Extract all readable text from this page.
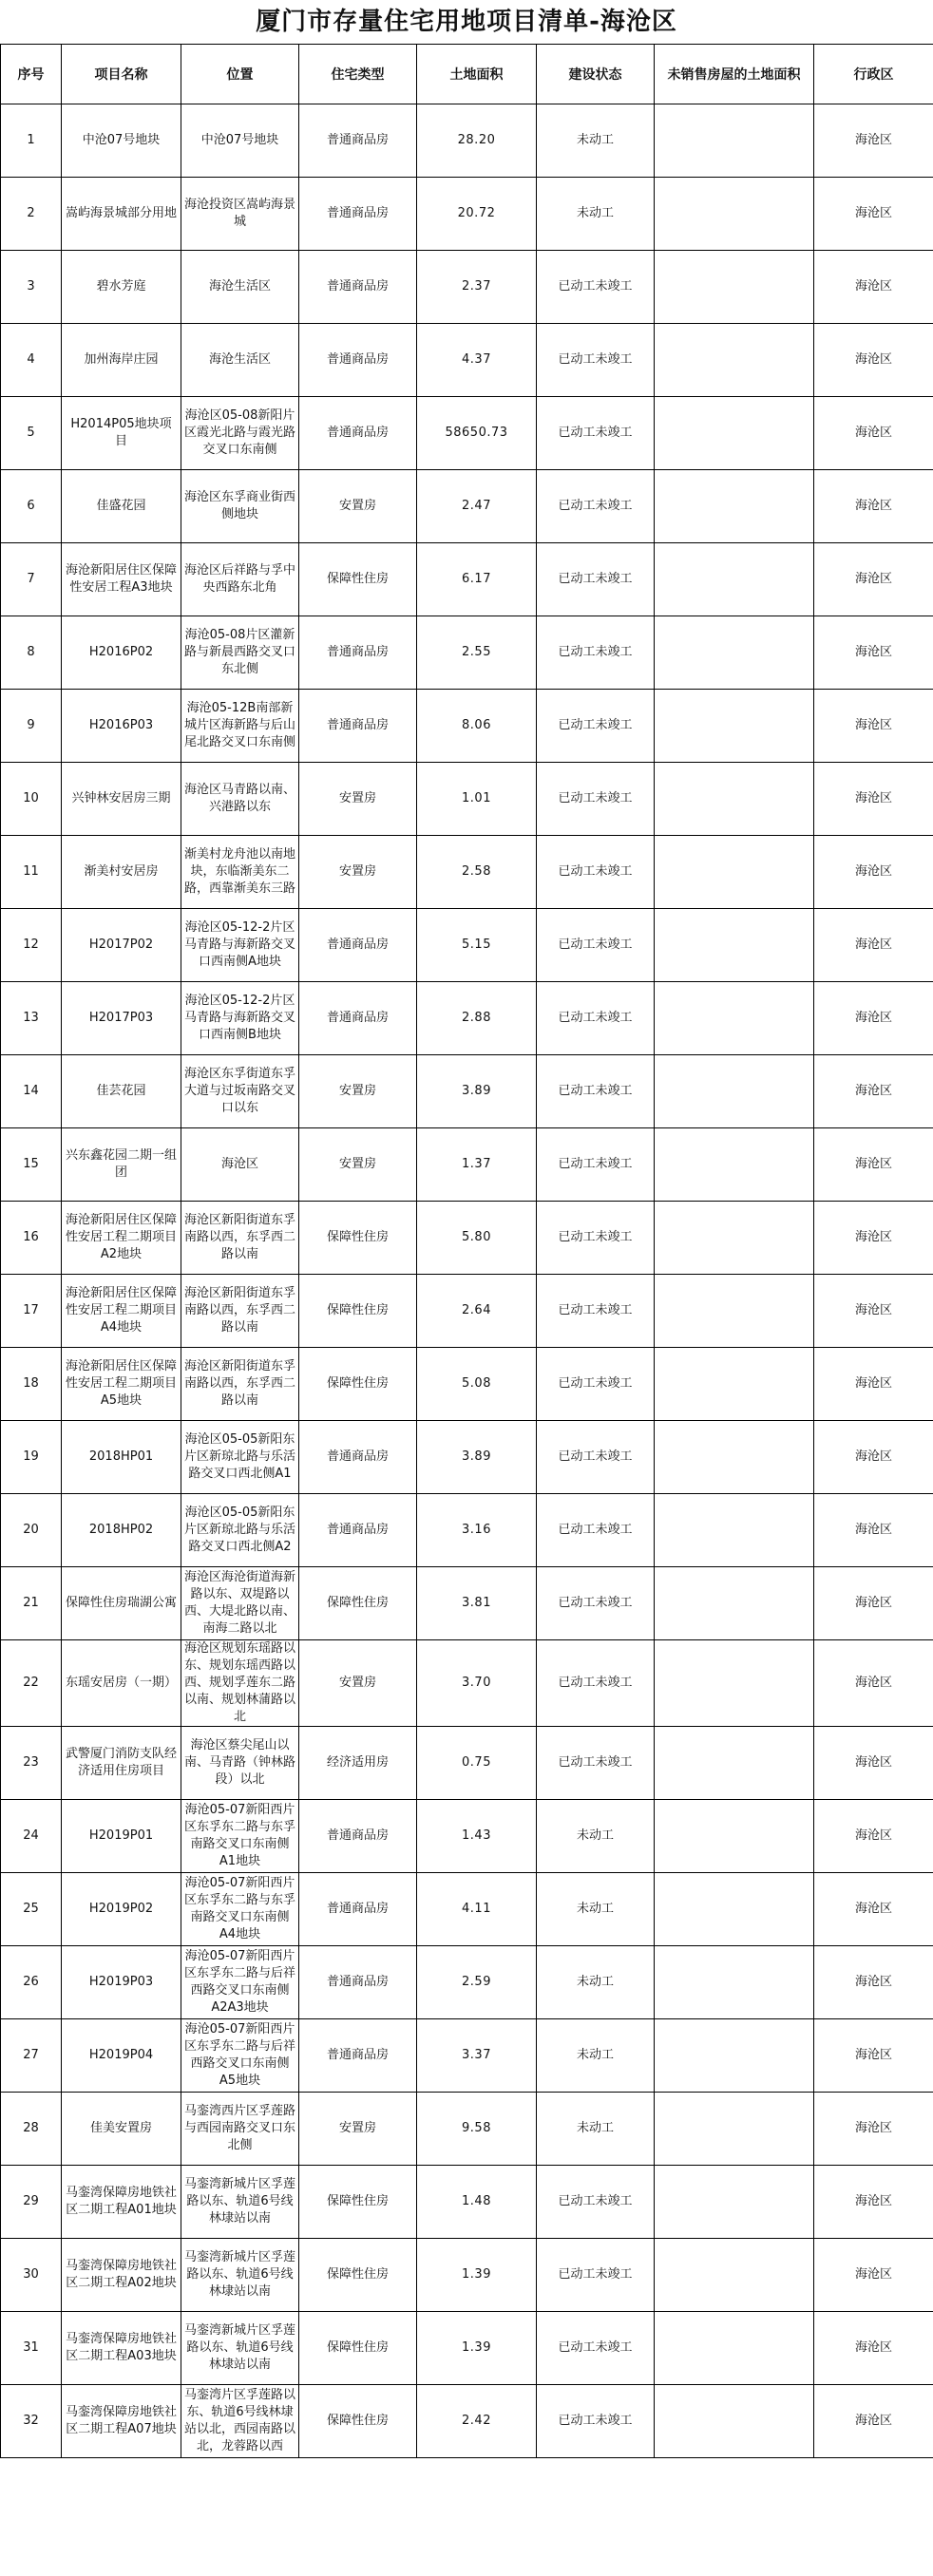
厦门市存量住宅用地项目清单-海沧区
序号	项目名称	位置	住宅类型	土地面积	建设状态	未销售房屋的土地面积	行政区
1	中沧07号地块	中沧07号地块	普通商品房	28.20	未动工		海沧区
2	嵩屿海景城部分用地	海沧投资区嵩屿海景城	普通商品房	20.72	未动工		海沧区
3	碧水芳庭	海沧生活区	普通商品房	2.37	已动工未竣工		海沧区
4	加州海岸庄园	海沧生活区	普通商品房	4.37	已动工未竣工		海沧区
5	H2014P05地块项目	海沧区05-08新阳片区霞光北路与霞光路交叉口东南侧	普通商品房	58650.73	已动工未竣工		海沧区
6	佳盛花园	海沧区东孚商业街西侧地块	安置房	2.47	已动工未竣工		海沧区
7	海沧新阳居住区保障性安居工程A3地块	海沧区后祥路与孚中央西路东北角	保障性住房	6.17	已动工未竣工		海沧区
8	H2016P02	海沧05-08片区灌新路与新晨西路交叉口东北侧	普通商品房	2.55	已动工未竣工		海沧区
9	H2016P03	海沧05-12B南部新城片区海新路与后山尾北路交叉口东南侧	普通商品房	8.06	已动工未竣工		海沧区
10	兴钟林安居房三期	海沧区马青路以南、兴港路以东	安置房	1.01	已动工未竣工		海沧区
11	渐美村安居房	渐美村龙舟池以南地块，东临渐美东二路，西靠渐美东三路	安置房	2.58	已动工未竣工		海沧区
12	H2017P02	海沧区05-12-2片区马青路与海新路交叉口西南侧A地块	普通商品房	5.15	已动工未竣工		海沧区
13	H2017P03	海沧区05-12-2片区马青路与海新路交叉口西南侧B地块	普通商品房	2.88	已动工未竣工		海沧区
14	佳芸花园	海沧区东孚街道东孚大道与过坂南路交叉口以东	安置房	3.89	已动工未竣工		海沧区
15	兴东鑫花园二期一组团	海沧区	安置房	1.37	已动工未竣工		海沧区
16	海沧新阳居住区保障性安居工程二期项目A2地块	海沧区新阳街道东孚南路以西，东孚西二路以南	保障性住房	5.80	已动工未竣工		海沧区
17	海沧新阳居住区保障性安居工程二期项目A4地块	海沧区新阳街道东孚南路以西，东孚西二路以南	保障性住房	2.64	已动工未竣工		海沧区
18	海沧新阳居住区保障性安居工程二期项目A5地块	海沧区新阳街道东孚南路以西，东孚西二路以南	保障性住房	5.08	已动工未竣工		海沧区
19	2018HP01	海沧区05-05新阳东片区新琼北路与乐活路交叉口西北侧A1	普通商品房	3.89	已动工未竣工		海沧区
20	2018HP02	海沧区05-05新阳东片区新琼北路与乐活路交叉口西北侧A2	普通商品房	3.16	已动工未竣工		海沧区
21	保障性住房瑞湖公寓	海沧区海沧街道海新路以东、双堤路以西、大堤北路以南、南海二路以北	保障性住房	3.81	已动工未竣工		海沧区
22	东瑶安居房（一期）	海沧区规划东瑶路以东、规划东瑶西路以西、规划孚莲东二路以南、规划林蒲路以北	安置房	3.70	已动工未竣工		海沧区
23	武警厦门消防支队经济适用住房项目	海沧区蔡尖尾山以南、马青路（钟林路段）以北	经济适用房	0.75	已动工未竣工		海沧区
24	H2019P01	海沧05-07新阳西片区东孚东二路与东孚南路交叉口东南侧A1地块	普通商品房	1.43	未动工		海沧区
25	H2019P02	海沧05-07新阳西片区东孚东二路与东孚南路交叉口东南侧A4地块	普通商品房	4.11	未动工		海沧区
26	H2019P03	海沧05-07新阳西片区东孚东二路与后祥西路交叉口东南侧A2A3地块	普通商品房	2.59	未动工		海沧区
27	H2019P04	海沧05-07新阳西片区东孚东二路与后祥西路交叉口东南侧A5地块	普通商品房	3.37	未动工		海沧区
28	佳美安置房	马銮湾西片区孚莲路与西园南路交叉口东北侧	安置房	9.58	未动工		海沧区
29	马銮湾保障房地铁社区二期工程A01地块	马銮湾新城片区孚莲路以东、轨道6号线林埭站以南	保障性住房	1.48	已动工未竣工		海沧区
30	马銮湾保障房地铁社区二期工程A02地块	马銮湾新城片区孚莲路以东、轨道6号线林埭站以南	保障性住房	1.39	已动工未竣工		海沧区
31	马銮湾保障房地铁社区二期工程A03地块	马銮湾新城片区孚莲路以东、轨道6号线林埭站以南	保障性住房	1.39	已动工未竣工		海沧区
32	马銮湾保障房地铁社区二期工程A07地块	马銮湾片区孚莲路以东、轨道6号线林埭站以北，西园南路以北，龙蓉路以西	保障性住房	2.42	已动工未竣工		海沧区
